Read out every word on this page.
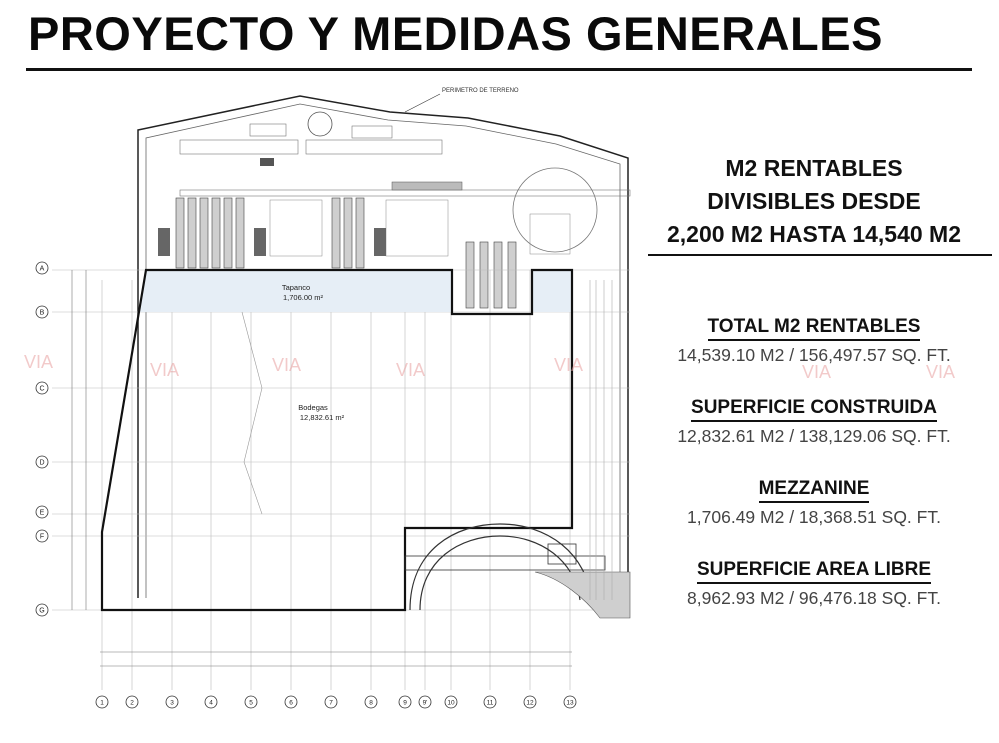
PROYECTO Y MEDIDAS GENERALES
PERIMETRO DE TERRENO
Tapanco
1,706.00 m²
Bodegas
12,832.61 m²
A
B
C
D
E
F
G
1	2	3	4	5	6	7	8	9 9'	10	11	12	13
VIA	VIA	VIA	VIA	VIA	VIA	VIA
M2 RENTABLES
DIVISIBLES DESDE
2,200 M2 HASTA 14,540 M2
TOTAL M2 RENTABLES
14,539.10 M2 / 156,497.57 SQ. FT.
SUPERFICIE CONSTRUIDA
12,832.61 M2 / 138,129.06 SQ. FT.
MEZZANINE
1,706.49 M2 / 18,368.51 SQ. FT.
SUPERFICIE AREA LIBRE
8,962.93 M2 / 96,476.18 SQ. FT.
